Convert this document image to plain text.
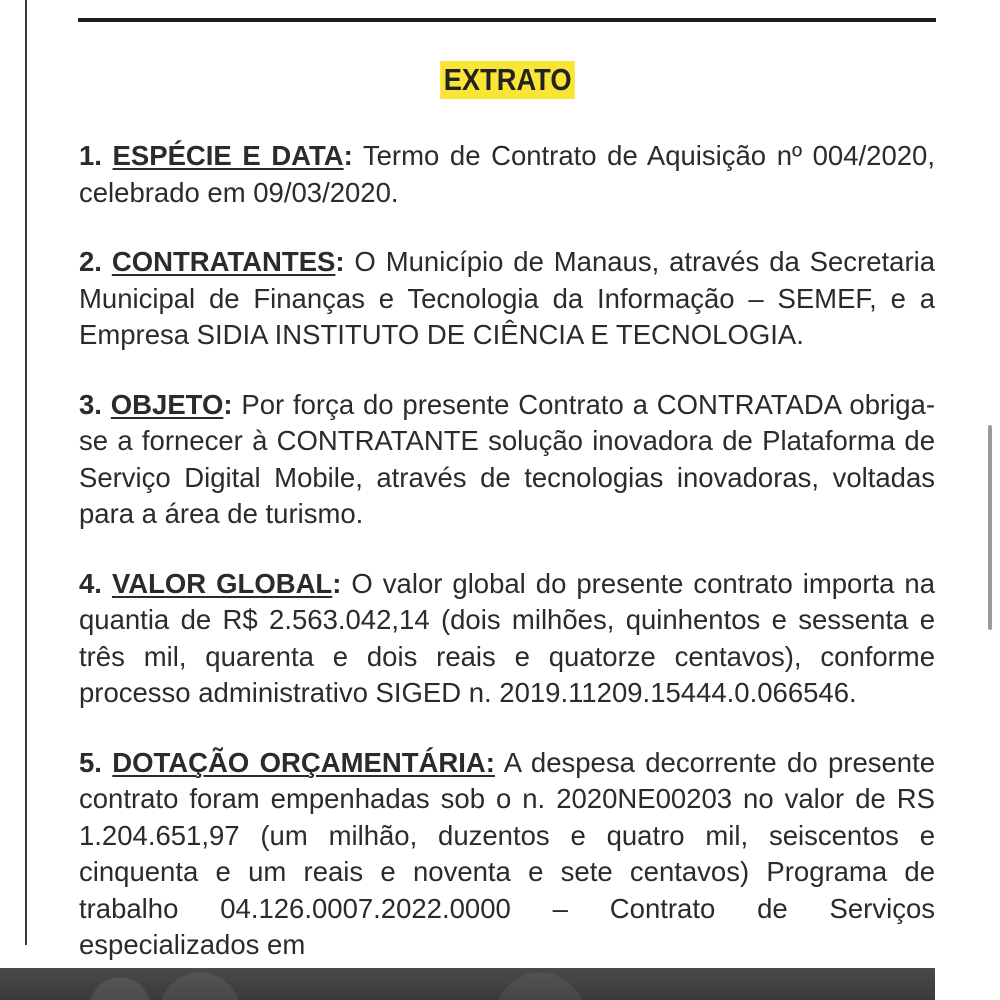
EXTRATO

1. ESPÉCIE E DATA: Termo de Contrato de Aquisição nº 004/2020, celebrado em 09/03/2020.

2. CONTRATANTES: O Município de Manaus, através da Secretaria Municipal de Finanças e Tecnologia da Informação – SEMEF, e a Empresa SIDIA INSTITUTO DE CIÊNCIA E TECNOLOGIA.

3. OBJETO: Por força do presente Contrato a CONTRATADA obriga-se a fornecer à CONTRATANTE solução inovadora de Plataforma de Serviço Digital Mobile, através de tecnologias inovadoras, voltadas para a área de turismo.

4. VALOR GLOBAL: O valor global do presente contrato importa na quantia de R$ 2.563.042,14 (dois milhões, quinhentos e sessenta e três mil, quarenta e dois reais e quatorze centavos), conforme processo administrativo SIGED n. 2019.11209.15444.0.066546.

5. DOTAÇÃO ORÇAMENTÁRIA: A despesa decorrente do presente contrato foram empenhadas sob o n. 2020NE00203 no valor de RS 1.204.651,97 (um milhão, duzentos e quatro mil, seiscentos e cinquenta e um reais e noventa e sete centavos) Programa de trabalho 04.126.0007.2022.0000 – Contrato de Serviços especializados em
